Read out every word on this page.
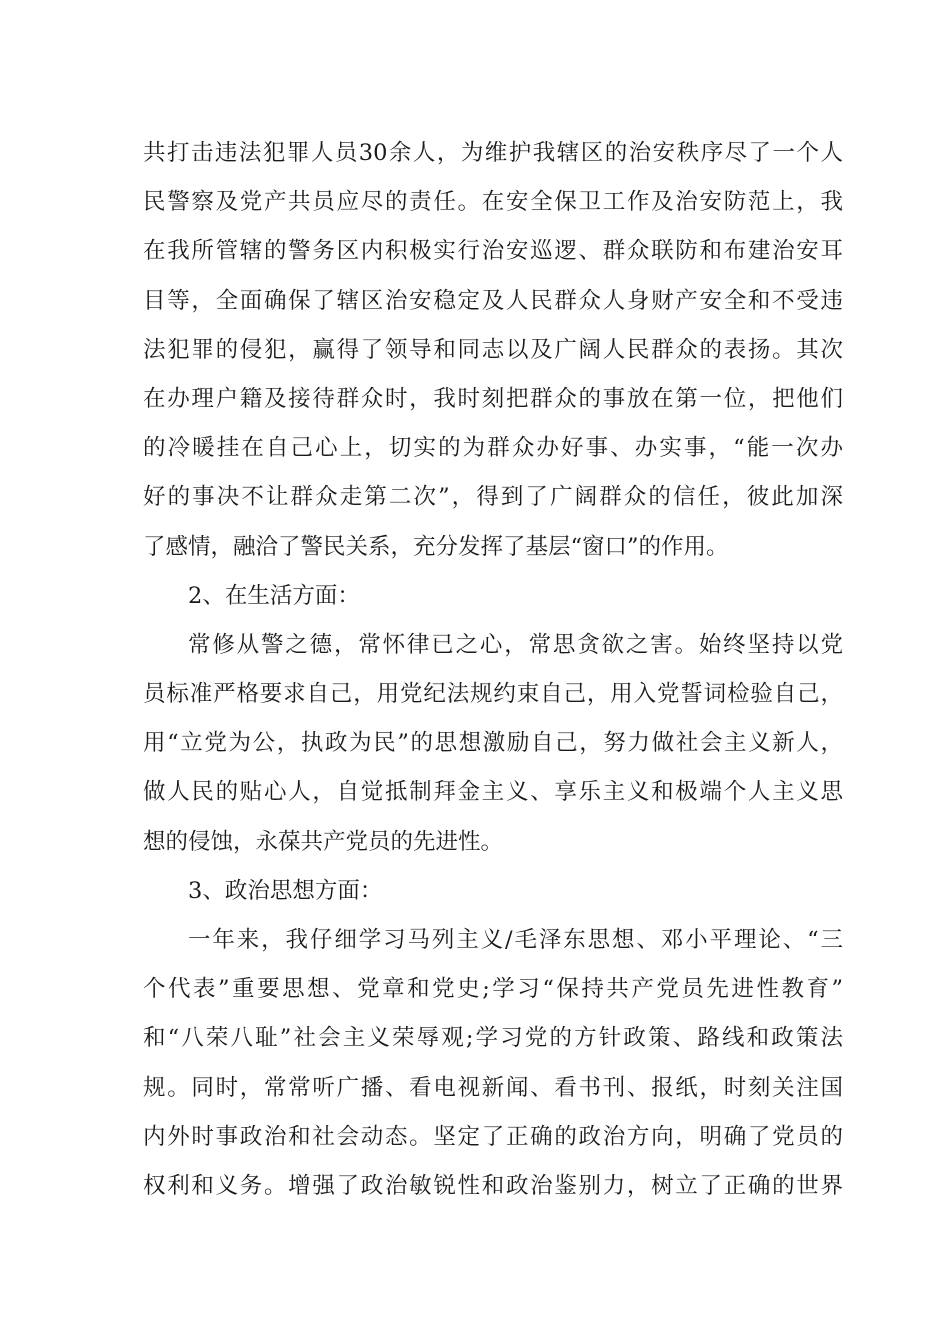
共打击违法犯罪人员30余人，为维护我辖区的治安秩序尽了一个人
民警察及党产共员应尽的责任。在安全保卫工作及治安防范上，我
在我所管辖的警务区内积极实行治安巡逻、群众联防和布建治安耳
目等，全面确保了辖区治安稳定及人民群众人身财产安全和不受违
法犯罪的侵犯，赢得了领导和同志以及广阔人民群众的表扬。其次
在办理户籍及接待群众时，我时刻把群众的事放在第一位，把他们
的冷暖挂在自己心上，切实的为群众办好事、办实事，“能一次办
好的事决不让群众走第二次”，得到了广阔群众的信任，彼此加深
了感情，融洽了警民关系，充分发挥了基层“窗口”的作用。
2、在生活方面：
常修从警之德，常怀律已之心，常思贪欲之害。始终坚持以党
员标准严格要求自己，用党纪法规约束自己，用入党誓词检验自己，
用“立党为公，执政为民”的思想激励自己，努力做社会主义新人，
做人民的贴心人，自觉抵制拜金主义、享乐主义和极端个人主义思
想的侵蚀，永葆共产党员的先进性。
3、政治思想方面：
一年来，我仔细学习马列主义/毛泽东思想、邓小平理论、“三
个代表”重要思想、党章和党史;学习“保持共产党员先进性教育”
和“八荣八耻”社会主义荣辱观;学习党的方针政策、路线和政策法
规。同时，常常听广播、看电视新闻、看书刊、报纸，时刻关注国
内外时事政治和社会动态。坚定了正确的政治方向，明确了党员的
权利和义务。增强了政治敏锐性和政治鉴别力，树立了正确的世界
